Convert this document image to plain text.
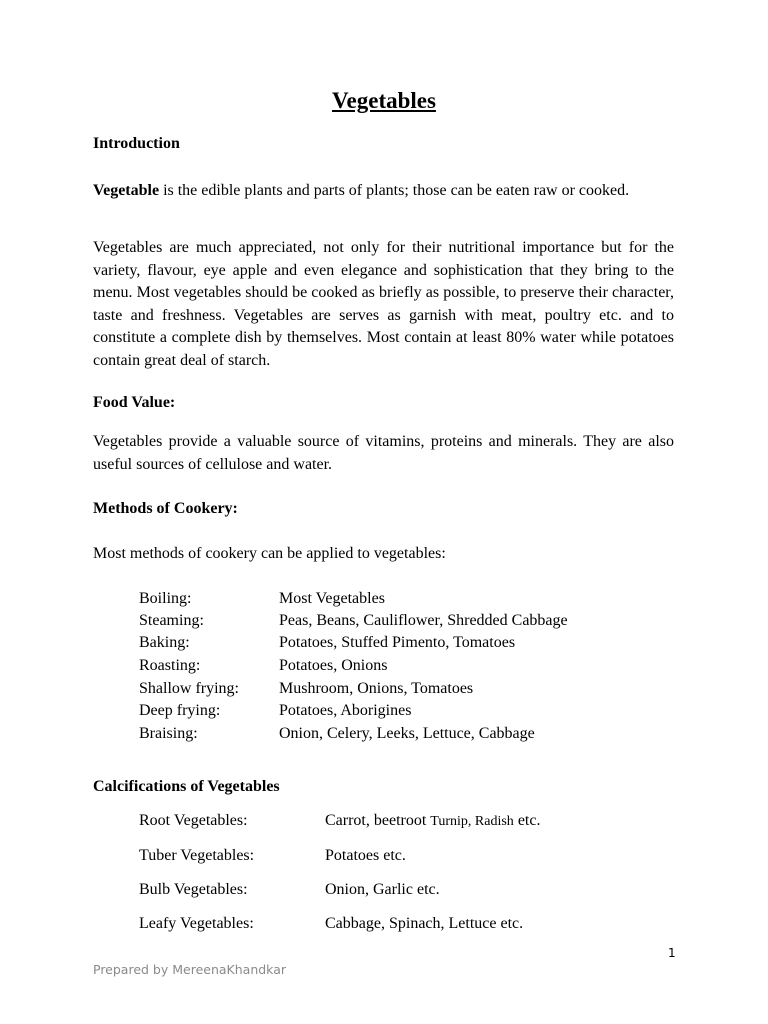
Vegetables
Introduction
Vegetable is the edible plants and parts of plants; those can be eaten raw or cooked.
Vegetables are much appreciated, not only for their nutritional importance but for the variety, flavour, eye apple and even elegance and sophistication that they bring to the menu. Most vegetables should be cooked as briefly as possible, to preserve their character, taste and freshness. Vegetables are serves as garnish with meat, poultry etc. and to constitute a complete dish by themselves. Most contain at least 80% water while potatoes contain great deal of starch.
Food Value:
Vegetables provide a valuable source of vitamins, proteins and minerals. They are also useful sources of cellulose and water.
Methods of Cookery:
Most methods of cookery can be applied to vegetables:
Boiling:	Most Vegetables
Steaming:	Peas, Beans, Cauliflower, Shredded Cabbage
Baking:	Potatoes, Stuffed Pimento, Tomatoes
Roasting:	Potatoes, Onions
Shallow frying:	Mushroom, Onions, Tomatoes
Deep frying:	Potatoes, Aborigines
Braising:	Onion, Celery, Leeks, Lettuce, Cabbage
Calcifications of Vegetables
Root Vegetables:	Carrot, beetroot Turnip, Radish etc.
Tuber Vegetables:	Potatoes etc.
Bulb Vegetables:	Onion, Garlic etc.
Leafy Vegetables:	Cabbage, Spinach, Lettuce etc.
1
Prepared by MereenaKhandkar
